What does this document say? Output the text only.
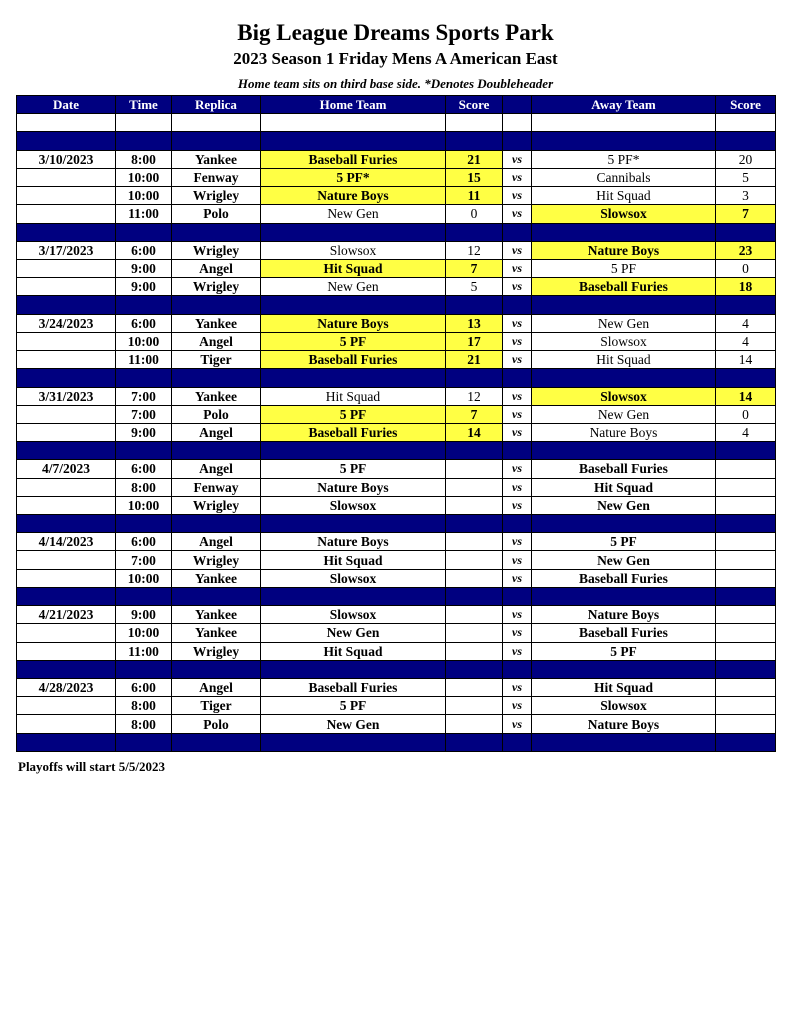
Big League Dreams Sports Park
2023 Season 1 Friday Mens A American East
Home team sits on third base side. *Denotes Doubleheader
Date	Time	Replica	Home Team	Score		Away Team	Score

3/10/2023	8:00	Yankee	Baseball Furies	21	vs	5 PF*	20
	10:00	Fenway	5 PF*	15	vs	Cannibals	5
	10:00	Wrigley	Nature Boys	11	vs	Hit Squad	3
	11:00	Polo	New Gen	0	vs	Slowsox	7

3/17/2023	6:00	Wrigley	Slowsox	12	vs	Nature Boys	23
	9:00	Angel	Hit Squad	7	vs	5 PF	0
	9:00	Wrigley	New Gen	5	vs	Baseball Furies	18

3/24/2023	6:00	Yankee	Nature Boys	13	vs	New Gen	4
	10:00	Angel	5 PF	17	vs	Slowsox	4
	11:00	Tiger	Baseball Furies	21	vs	Hit Squad	14

3/31/2023	7:00	Yankee	Hit Squad	12	vs	Slowsox	14
	7:00	Polo	5 PF	7	vs	New Gen	0
	9:00	Angel	Baseball Furies	14	vs	Nature Boys	4

4/7/2023	6:00	Angel	5 PF		vs	Baseball Furies	
	8:00	Fenway	Nature Boys		vs	Hit Squad	
	10:00	Wrigley	Slowsox		vs	New Gen	

4/14/2023	6:00	Angel	Nature Boys		vs	5 PF	
	7:00	Wrigley	Hit Squad		vs	New Gen	
	10:00	Yankee	Slowsox		vs	Baseball Furies	

4/21/2023	9:00	Yankee	Slowsox		vs	Nature Boys	
	10:00	Yankee	New Gen		vs	Baseball Furies	
	11:00	Wrigley	Hit Squad		vs	5 PF	

4/28/2023	6:00	Angel	Baseball Furies		vs	Hit Squad	
	8:00	Tiger	5 PF		vs	Slowsox	
	8:00	Polo	New Gen		vs	Nature Boys	

Playoffs will start 5/5/2023
